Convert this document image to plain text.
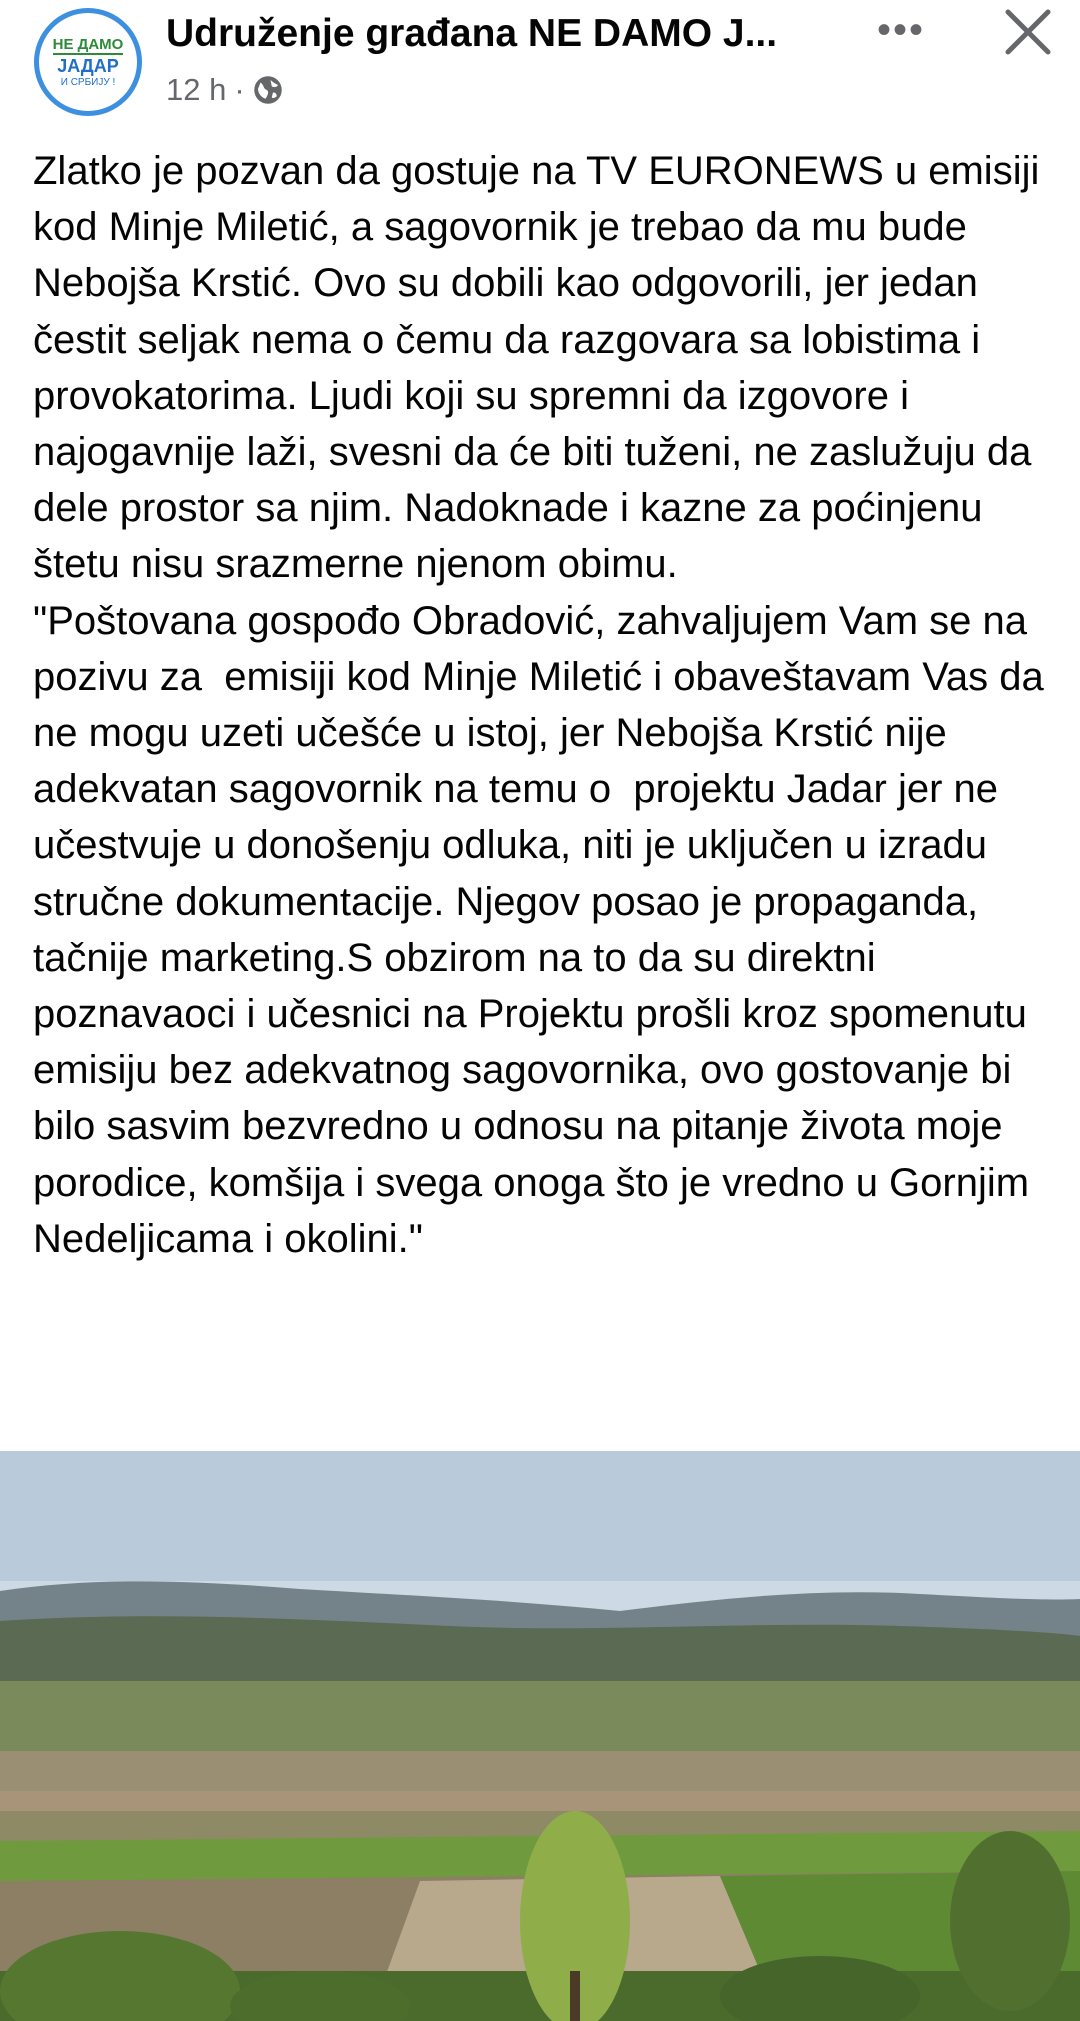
НЕ ДАМО
ЈАДАР
И СРБИЈУ !
Udruženje građana NE DAMO J...
12 h ·
•••
Zlatko je pozvan da gostuje na TV EURONEWS u emisiji kod Minje Miletić, a sagovornik je trebao da mu bude Nebojša Krstić. Ovo su dobili kao odgovorili, jer jedan čestit seljak nema o čemu da razgovara sa lobistima i provokatorima. Ljudi koji su spremni da izgovore i najogavnije laži, svesni da će biti tuženi, ne zaslužuju da dele prostor sa njim. Nadoknade i kazne za poćinjenu štetu nisu srazmerne njenom obimu.
"Poštovana gospođo Obradović, zahvaljujem Vam se na pozivu za  emisiji kod Minje Miletić i obaveštavam Vas da ne mogu uzeti učešće u istoj, jer Nebojša Krstić nije adekvatan sagovornik na temu o  projektu Jadar jer ne učestvuje u donošenju odluka, niti je uključen u izradu stručne dokumentacije. Njegov posao je propaganda, tačnije marketing.S obzirom na to da su direktni poznavaoci i učesnici na Projektu prošli kroz spomenutu emisiju bez adekvatnog sagovornika, ovo gostovanje bi bilo sasvim bezvredno u odnosu na pitanje života moje porodice, komšija i svega onoga što je vredno u Gornjim Nedeljicama i okolini."
